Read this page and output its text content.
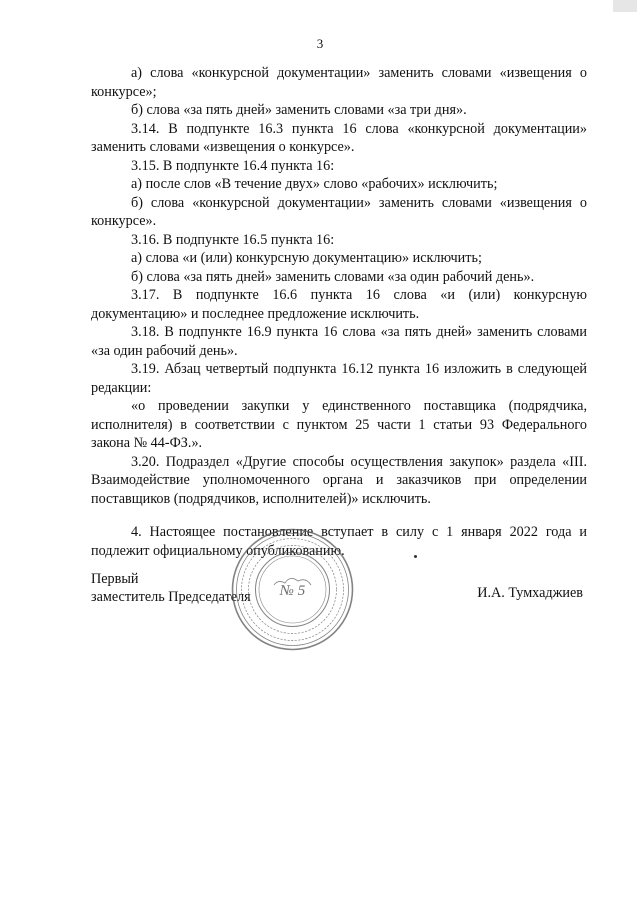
3

а) слова «конкурсной документации» заменить словами «извещения о конкурсе»;

б) слова «за пять дней» заменить словами «за три дня».

3.14. В подпункте 16.3 пункта 16 слова «конкурсной документации» заменить словами «извещения о конкурсе».

3.15. В подпункте 16.4 пункта 16:

а) после слов «В течение двух» слово «рабочих» исключить;

б) слова «конкурсной документации» заменить словами «извещения о конкурсе».

3.16. В подпункте 16.5 пункта 16:

а) слова «и (или) конкурсную документацию» исключить;

б) слова «за пять дней» заменить словами «за один рабочий день».

3.17. В подпункте 16.6 пункта 16 слова «и (или) конкурсную документацию» и последнее предложение исключить.

3.18. В подпункте 16.9 пункта 16 слова «за пять дней» заменить словами «за один рабочий день».

3.19. Абзац четвертый подпункта 16.12 пункта 16 изложить в следующей редакции:

«о проведении закупки у единственного поставщика (подрядчика, исполнителя) в соответствии с пунктом 25 части 1 статьи 93 Федерального закона № 44-ФЗ.».

3.20. Подраздел «Другие способы осуществления закупок» раздела «III. Взаимодействие уполномоченного органа и заказчиков при определении поставщиков (подрядчиков, исполнителей)» исключить.

4. Настоящее постановление вступает в силу с 1 января 2022 года и подлежит официальному опубликованию.

Первый
заместитель Председателя	И.А. Тумхаджиев
№ 5
